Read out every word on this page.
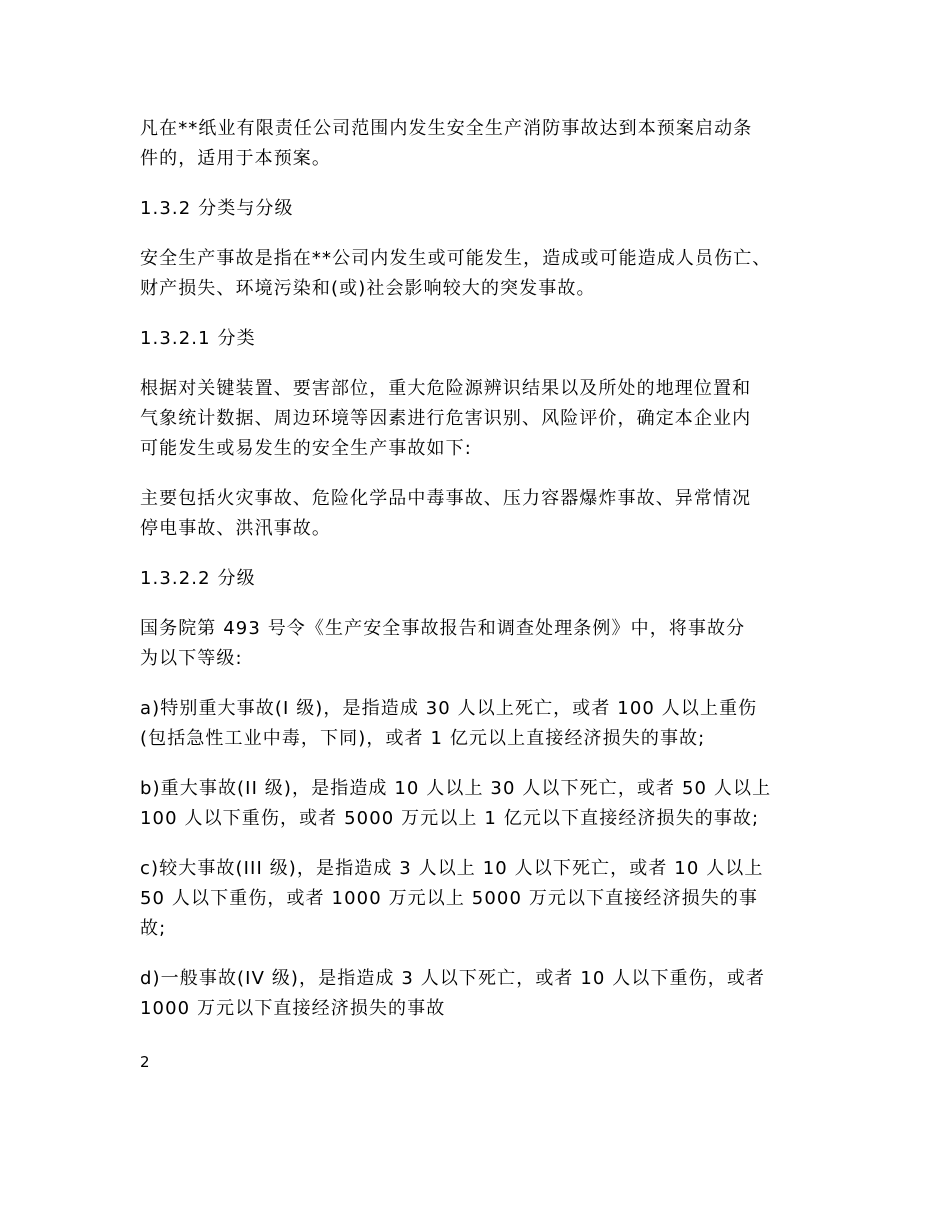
凡在**纸业有限责任公司范围内发生安全生产消防事故达到本预案启动条
件的，适用于本预案。

1.3.2 分类与分级

安全生产事故是指在**公司内发生或可能发生，造成或可能造成人员伤亡、
财产损失、环境污染和(或)社会影响较大的突发事故。

1.3.2.1 分类

根据对关键装置、要害部位，重大危险源辨识结果以及所处的地理位置和
气象统计数据、周边环境等因素进行危害识别、风险评价，确定本企业内
可能发生或易发生的安全生产事故如下:

主要包括火灾事故、危险化学品中毒事故、压力容器爆炸事故、异常情况
停电事故、洪汛事故。

1.3.2.2 分级

国务院第 493 号令《生产安全事故报告和调查处理条例》中，将事故分
为以下等级:

a)特别重大事故(I 级)，是指造成 30 人以上死亡，或者 100 人以上重伤
(包括急性工业中毒，下同)，或者 1 亿元以上直接经济损失的事故;

b)重大事故(II 级)，是指造成 10 人以上 30 人以下死亡，或者 50 人以上
100 人以下重伤，或者 5000 万元以上 1 亿元以下直接经济损失的事故;

c)较大事故(III 级)，是指造成 3 人以上 10 人以下死亡，或者 10 人以上
50 人以下重伤，或者 1000 万元以上 5000 万元以下直接经济损失的事
故;

d)一般事故(IV 级)，是指造成 3 人以下死亡，或者 10 人以下重伤，或者
1000 万元以下直接经济损失的事故

2
